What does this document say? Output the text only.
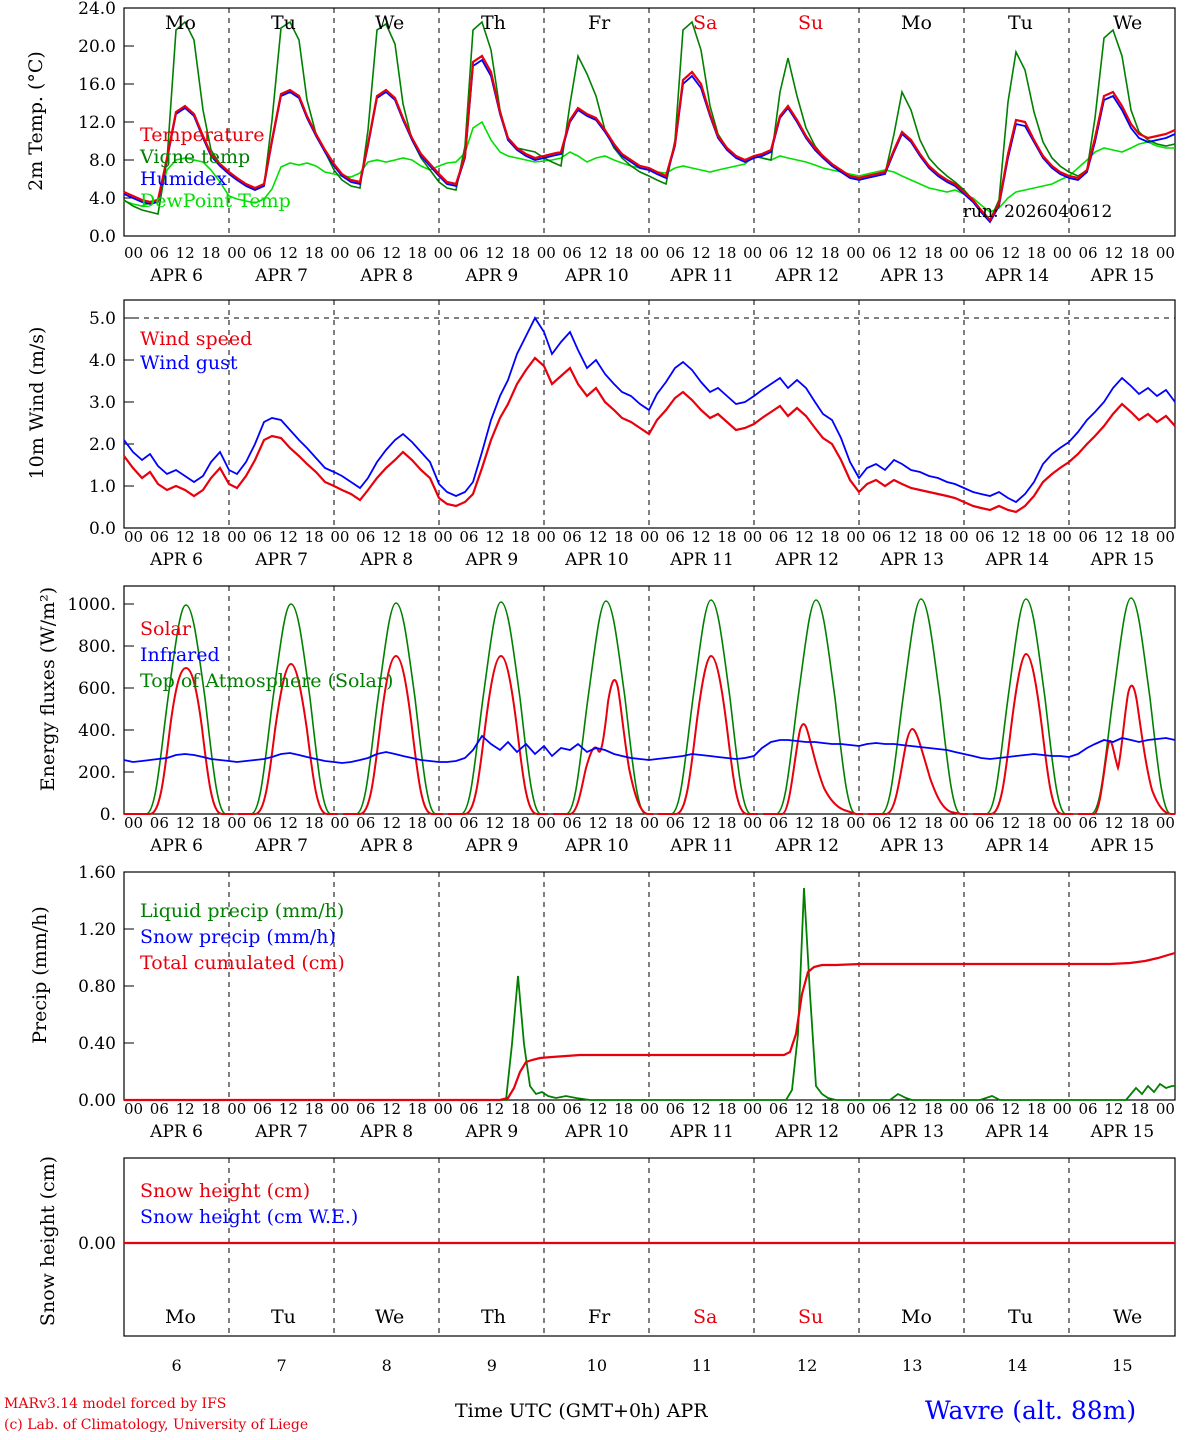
2m Temp. (°C)
24.0
20.0
16.0
12.0
8.0
4.0
0.0
Mo	Tu	We	Th	Fr	Sa	Su	Mo	Tu	We
Temperature
Vigne temp
Humidex
DewPoint Temp	run: 2026040612
00 06 12 18 00 06 12 18 00 06 12 18 00 06 12 18 00 06 12 18 00 06 12 18 00 06 12 18 00 06 12 18 00 06 12 18 00 06 12 18 00
APR 6	APR 7	APR 8	APR 9	APR 10	APR 11	APR 12	APR 13	APR 14	APR 15
10m Wind (m/s)
5.0
4.0
3.0
2.0
1.0
0.0
Wind speed
Wind gust
00 06 12 18 00 06 12 18 00 06 12 18 00 06 12 18 00 06 12 18 00 06 12 18 00 06 12 18 00 06 12 18 00 06 12 18 00 06 12 18 00
APR 6	APR 7	APR 8	APR 9	APR 10	APR 11	APR 12	APR 13	APR 14	APR 15
Energy fluxes (W/m²) 1000.
800.
600.
400.
200.
0.
Solar
Infrared
Top of Atmosphere (Solar)
00 06 12 18 00 06 12 18 00 06 12 18 00 06 12 18 00 06 12 18 00 06 12 18 00 06 12 18 00 06 12 18 00 06 12 18 00 06 12 18 00
APR 6	APR 7	APR 8	APR 9	APR 10	APR 11	APR 12	APR 13	APR 14	APR 15
Precip (mm/h)
1.60
1.20
0.80
0.40
0.00
Liquid precip (mm/h)
Snow precip (mm/h)
Total cumulated (cm)
00 06 12 18 00 06 12 18 00 06 12 18 00 06 12 18 00 06 12 18 00 06 12 18 00 06 12 18 00 06 12 18 00 06 12 18 00 06 12 18 00
APR 6	APR 7	APR 8	APR 9	APR 10	APR 11	APR 12	APR 13	APR 14	APR 15
Snow height (cm)	0.00
Snow height (cm)
Snow height (cm W.E.)
Mo	Tu	We	Th	Fr	Sa	Su	Mo	Tu	We
6	7	8	9	10	11	12	13	14	15
MARv3.14 model forced by IFS
(c) Lab. of Climatology, University of Liege
Time UTC (GMT+0h) APR	Wavre (alt. 88m)
